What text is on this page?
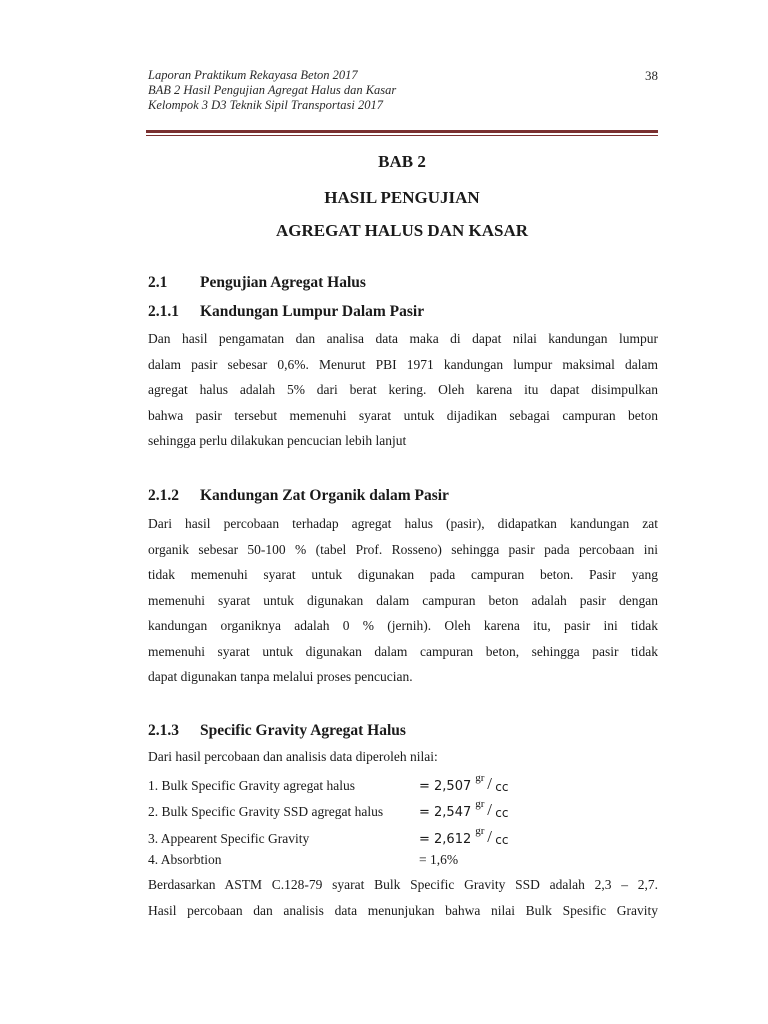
Laporan Praktikum Rekayasa Beton 2017
BAB 2 Hasil Pengujian Agregat Halus dan Kasar
Kelompok 3 D3 Teknik Sipil Transportasi 2017
38
BAB 2
HASIL PENGUJIAN
AGREGAT HALUS DAN KASAR
2.1 Pengujian Agregat Halus
2.1.1 Kandungan Lumpur Dalam Pasir
Dan hasil pengamatan dan analisa data maka di dapat nilai kandungan lumpur
dalam pasir sebesar 0,6%. Menurut PBI 1971 kandungan lumpur maksimal dalam
agregat halus adalah 5% dari berat kering. Oleh karena itu dapat disimpulkan
bahwa pasir tersebut memenuhi syarat untuk dijadikan sebagai campuran beton
sehingga perlu dilakukan pencucian lebih lanjut
2.1.2 Kandungan Zat Organik dalam Pasir
Dari hasil percobaan terhadap agregat halus (pasir), didapatkan kandungan zat
organik sebesar 50-100 % (tabel Prof. Rosseno) sehingga pasir pada percobaan ini
tidak memenuhi syarat untuk digunakan pada campuran beton. Pasir yang
memenuhi syarat untuk digunakan dalam campuran beton adalah pasir dengan
kandungan organiknya adalah 0 % (jernih). Oleh karena itu, pasir ini tidak
memenuhi syarat untuk digunakan dalam campuran beton, sehingga pasir tidak
dapat digunakan tanpa melalui proses pencucian.
2.1.3 Specific Gravity Agregat Halus
Dari hasil percobaan dan analisis data diperoleh nilai:
1. Bulk Specific Gravity agregat halus	= 2,507
gr / cc
2. Bulk Specific Gravity SSD agregat halus	= 2,547
gr / cc
3. Appearent Specific Gravity	= 2,612
gr / cc
4. Absorbtion	= 1,6%
Berdasarkan ASTM C.128-79 syarat Bulk Specific Gravity SSD adalah 2,3 – 2,7.
Hasil percobaan dan analisis data menunjukan bahwa nilai Bulk Spesific Gravity
